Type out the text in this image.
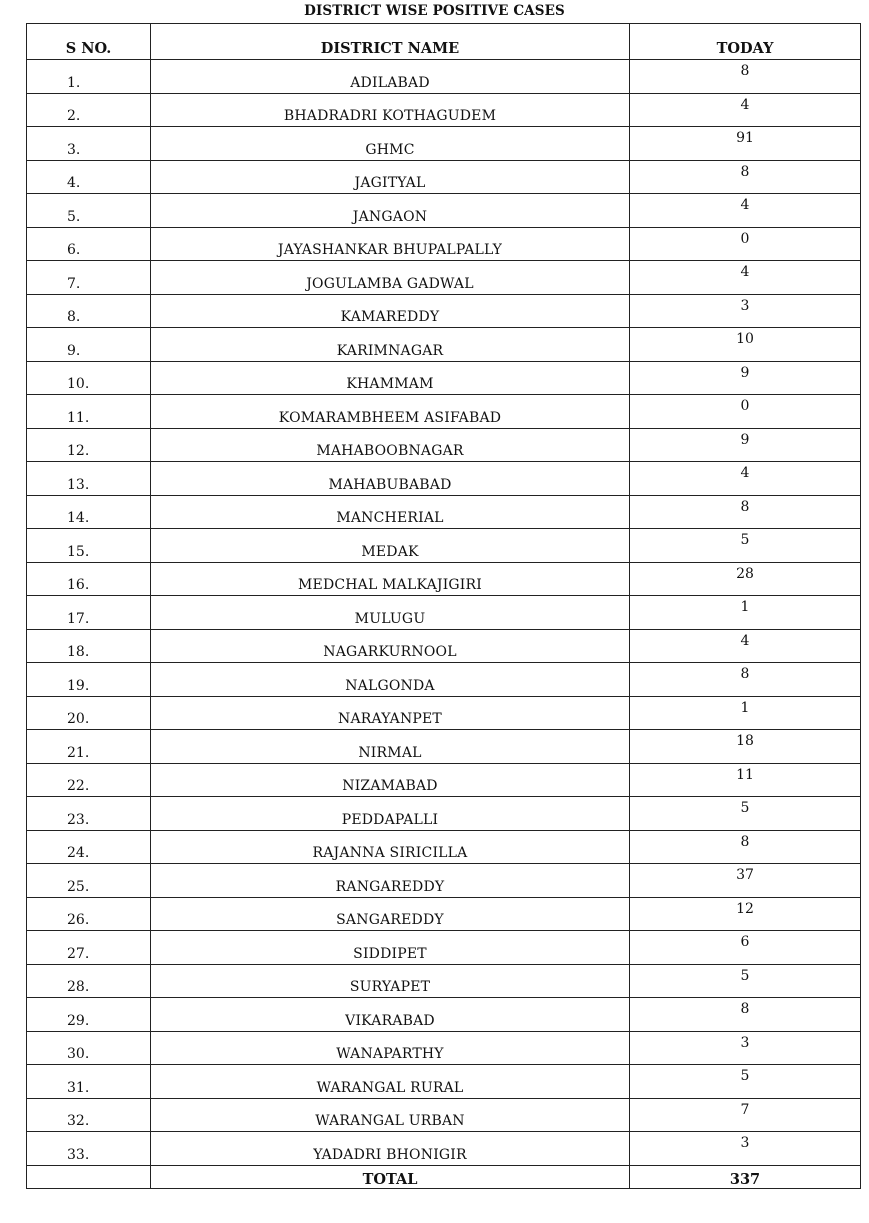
DISTRICT WISE POSITIVE CASES
S NO.	DISTRICT NAME	TODAY
1.	ADILABAD	8
2.	BHADRADRI KOTHAGUDEM	4
3.	GHMC	91
4.	JAGITYAL	8
5.	JANGAON	4
6.	JAYASHANKAR BHUPALPALLY	0
7.	JOGULAMBA GADWAL	4
8.	KAMAREDDY	3
9.	KARIMNAGAR	10
10.	KHAMMAM	9
11.	KOMARAMBHEEM ASIFABAD	0
12.	MAHABOOBNAGAR	9
13.	MAHABUBABAD	4
14.	MANCHERIAL	8
15.	MEDAK	5
16.	MEDCHAL MALKAJIGIRI	28
17.	MULUGU	1
18.	NAGARKURNOOL	4
19.	NALGONDA	8
20.	NARAYANPET	1
21.	NIRMAL	18
22.	NIZAMABAD	11
23.	PEDDAPALLI	5
24.	RAJANNA SIRICILLA	8
25.	RANGAREDDY	37
26.	SANGAREDDY	12
27.	SIDDIPET	6
28.	SURYAPET	5
29.	VIKARABAD	8
30.	WANAPARTHY	3
31.	WARANGAL RURAL	5
32.	WARANGAL URBAN	7
33.	YADADRI BHONIGIR	3
	TOTAL	337
